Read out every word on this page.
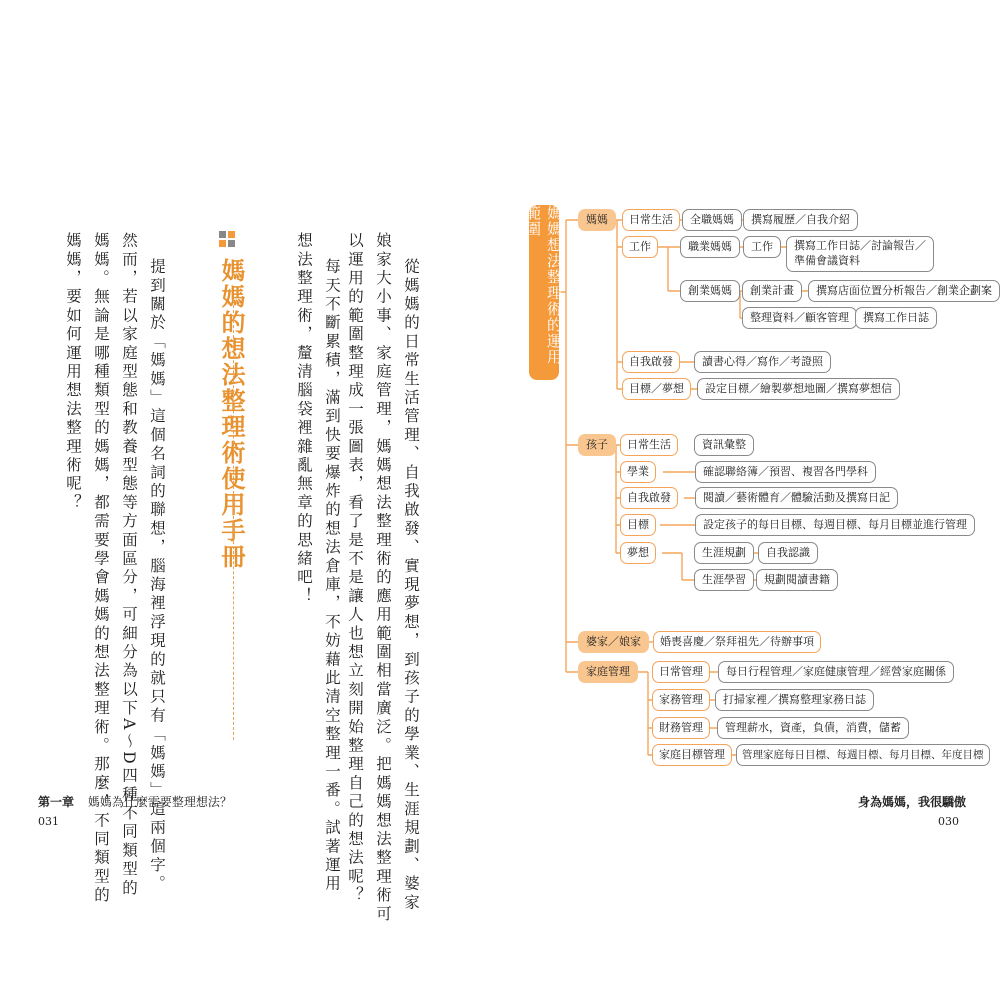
從媽媽的日常生活管理、自我啟發、實現夢想，到孩子的學業、生涯規劃、婆家

娘家大小事、家庭管理，媽媽想法整理術的應用範圍相當廣泛。把媽媽想法整理術可

以運用的範圍整理成一張圖表，看了是不是讓人也想立刻開始整理自己的想法呢？

每天不斷累積，滿到快要爆炸的想法倉庫，不妨藉此清空整理一番。試著運用

想法整理術，釐清腦袋裡雜亂無章的思緒吧！

媽媽的想法整理術使用手冊

提到關於「媽媽」這個名詞的聯想，腦海裡浮現的就只有「媽媽」這兩個字。

然而，若以家庭型態和教養型態等方面區分，可細分為以下A～D四種不同類型的

媽媽。無論是哪種類型的媽媽，都需要學會媽媽的想法整理術。那麼，不同類型的

媽媽，要如何運用想法整理術呢？

第一章 媽媽為什麼需要整理想法？
031
媽媽想法整理術的運用範圍	媽媽	日常生活	全職媽媽	撰寫履歷／自我介紹
工作	職業媽媽	工作	撰寫工作日誌／討論報告／
準備會議資料
創業媽媽	創業計畫	撰寫店面位置分析報告／創業企劃案
整理資料／顧客管理	撰寫工作日誌
自我啟發	讀書心得／寫作／考證照
目標／夢想	設定目標／繪製夢想地圖／撰寫夢想信
孩子	日常生活	資訊彙整
學業	確認聯絡簿／預習、複習各門學科
自我啟發	閱讀／藝術體育／體驗活動及撰寫日記
目標	設定孩子的每日目標、每週目標、每月目標並進行管理
夢想	生涯規劃	自我認識
生涯學習	規劃閱讀書籍
婆家／娘家	婚喪喜慶／祭拜祖先／待辦事項
家庭管理	日常管理	每日行程管理／家庭健康管理／經營家庭關係
家務管理	打掃家裡／撰寫整理家務日誌
財務管理	管理薪水，資產，負債，消費，儲蓄
家庭目標管理	管理家庭每日目標、每週目標、每月目標、年度目標
身為媽媽，我很驕傲
030
